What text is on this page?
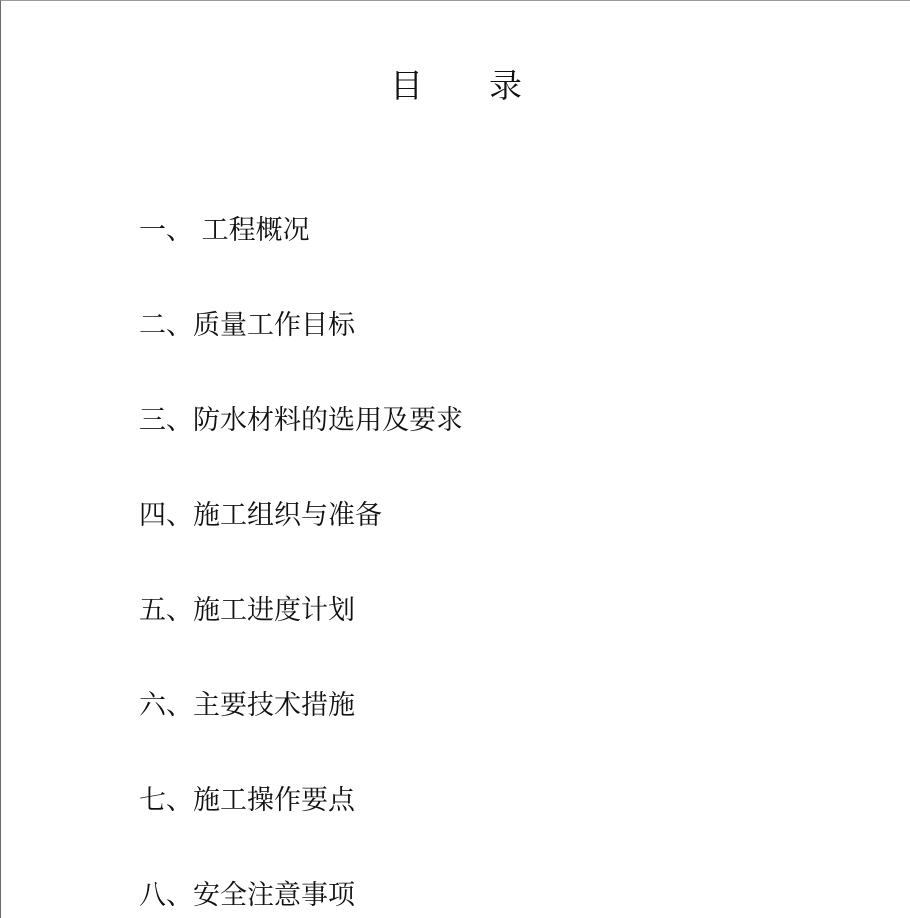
目　　录
一、 工程概况
二、质量工作目标
三、防水材料的选用及要求
四、施工组织与准备
五、施工进度计划
六、主要技术措施
七、施工操作要点
八、安全注意事项
